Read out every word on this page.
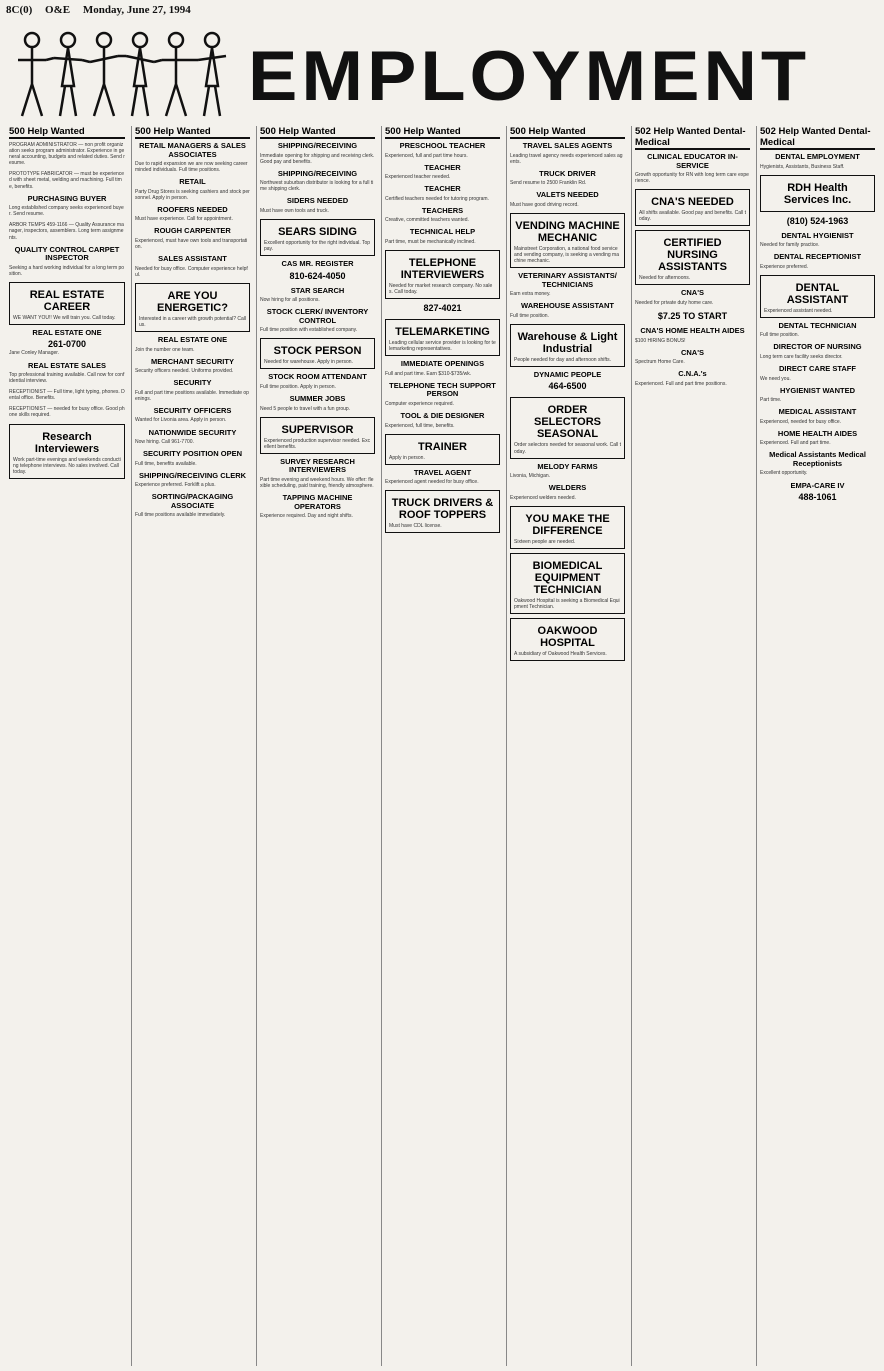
8C(0) O&E Monday, June 27, 1994
EMPLOYMENT
500 Help Wanted
PROGRAM ADMINISTRATOR — non profit organization seeks program administrator. Experience in general accounting, budgets and related duties. Send resume.
PROTOTYPE FABRICATOR — must be experienced with sheet metal, welding and machining. Full time, benefits.
PURCHASING BUYER
Long established company seeks experienced buyer. Send resume.
ARBOR TEMPS 459-1166 — Quality Assurance manager, inspectors, assemblers. Long term assignments.
QUALITY CONTROL CARPET INSPECTOR
Seeking a hard working individual for a long term position.
REAL ESTATE CAREER
WE WANT YOU!! We will train you. Call today.
REAL ESTATE ONE
261-0700
Jane Conley Manager.
REAL ESTATE SALES
Top professional training available. Call now for confidential interview.
RECEPTIONIST — Full time, light typing, phones. Dental office. Benefits.
RECEPTIONIST — needed for busy office. Good phone skills required.
Research Interviewers
Work part-time evenings and weekends conducting telephone interviews. No sales involved. Call today.
500 Help Wanted
RETAIL MANAGERS & SALES ASSOCIATES
Due to rapid expansion we are now seeking career minded individuals. Full time positions.
RETAIL
Party Drug Stores is seeking cashiers and stock personnel. Apply in person.
ROOFERS NEEDED
Must have experience. Call for appointment.
ROUGH CARPENTER
Experienced, must have own tools and transportation.
SALES ASSISTANT
Needed for busy office. Computer experience helpful.
ARE YOU ENERGETIC?
Interested in a career with growth potential? Call us.
REAL ESTATE ONE
Join the number one team.
MERCHANT SECURITY
Security officers needed. Uniforms provided.
SECURITY
Full and part time positions available. Immediate openings.
SECURITY OFFICERS
Wanted for Livonia area. Apply in person.
NATIONWIDE SECURITY
Now hiring. Call 961-7700.
SECURITY POSITION OPEN
Full time, benefits available.
SHIPPING/RECEIVING CLERK
Experience preferred. Forklift a plus.
SORTING/PACKAGING ASSOCIATE
Full time positions available immediately.
500 Help Wanted
SHIPPING/RECEIVING
Immediate opening for shipping and receiving clerk. Good pay and benefits.
SHIPPING/RECEIVING
Northwest suburban distributor is looking for a full time shipping clerk.
SIDERS NEEDED
Must have own tools and truck.
SEARS SIDING
Excellent opportunity for the right individual. Top pay.
CAS MR. REGISTER
810-624-4050
STAR SEARCH
Now hiring for all positions.
STOCK CLERK/ INVENTORY CONTROL
Full time position with established company.
STOCK PERSON
Needed for warehouse. Apply in person.
STOCK ROOM ATTENDANT
Full time position. Apply in person.
SUMMER JOBS
Need 5 people to travel with a fun group.
SUPERVISOR
Experienced production supervisor needed. Excellent benefits.
SURVEY RESEARCH INTERVIEWERS
Part time evening and weekend hours. We offer: flexible scheduling, paid training, friendly atmosphere.
TAPPING MACHINE OPERATORS
Experience required. Day and night shifts.
500 Help Wanted
PRESCHOOL TEACHER
Experienced, full and part time hours.
TEACHER
Experienced teacher needed.
TEACHER
Certified teachers needed for tutoring program.
TEACHERS
Creative, committed teachers wanted.
TECHNICAL HELP
Part time, must be mechanically inclined.
TELEPHONE INTERVIEWERS
Needed for market research company. No sales. Call today.
827-4021
TELEMARKETING
Leading cellular service provider is looking for telemarketing representatives.
IMMEDIATE OPENINGS
Full and part time. Earn $310-$735/wk.
TELEPHONE TECH SUPPORT PERSON
Computer experience required.
TOOL & DIE DESIGNER
Experienced, full time, benefits.
TRAINER
Apply in person.
TRAVEL AGENT
Experienced agent needed for busy office.
TRUCK DRIVERS & ROOF TOPPERS
Must have CDL license.
500 Help Wanted
TRAVEL SALES AGENTS
Leading travel agency needs experienced sales agents.
TRUCK DRIVER
Send resume to 2500 Franklin Rd.
VALETS NEEDED
Must have good driving record.
VENDING MACHINE MECHANIC
Mainstreet Corporation, a national food service and vending company, is seeking a vending machine mechanic.
VETERINARY ASSISTANTS/ TECHNICIANS
Earn extra money.
WAREHOUSE ASSISTANT
Full time position.
Warehouse & Light Industrial
People needed for day and afternoon shifts.
DYNAMIC PEOPLE
464-6500
ORDER SELECTORS SEASONAL
Order selectors needed for seasonal work. Call today.
MELODY FARMS
Livonia, Michigan.
WELDERS
Experienced welders needed.
YOU MAKE THE DIFFERENCE
Sixteen people are needed.
BIOMEDICAL EQUIPMENT TECHNICIAN
Oakwood Hospital is seeking a Biomedical Equipment Technician.
OAKWOOD HOSPITAL
A subsidiary of Oakwood Health Services.
502 Help Wanted Dental-Medical
CLINICAL EDUCATOR IN-SERVICE
Growth opportunity for RN with long term care experience.
CNA'S NEEDED
All shifts available. Good pay and benefits. Call today.
CERTIFIED NURSING ASSISTANTS
Needed for afternoons.
CNA'S
Needed for private duty home care.
$7.25 TO START
CNA'S HOME HEALTH AIDES
$100 HIRING BONUS!
CNA'S
Spectrum Home Care.
C.N.A.'s
Experienced. Full and part time positions.
502 Help Wanted Dental-Medical
DENTAL EMPLOYMENT
Hygienists, Assistants, Business Staff.
RDH Health Services Inc.
(810) 524-1963
DENTAL HYGIENIST
Needed for family practice.
DENTAL RECEPTIONIST
Experience preferred.
DENTAL ASSISTANT
Experienced assistant needed.
DENTAL TECHNICIAN
Full time position.
DIRECTOR OF NURSING
Long term care facility seeks director.
DIRECT CARE STAFF
We need you.
HYGIENIST WANTED
Part time.
MEDICAL ASSISTANT
Experienced, needed for busy office.
HOME HEALTH AIDES
Experienced. Full and part time.
Medical Assistants Medical Receptionists
Excellent opportunity.
EMPA-CARE IV
488-1061
